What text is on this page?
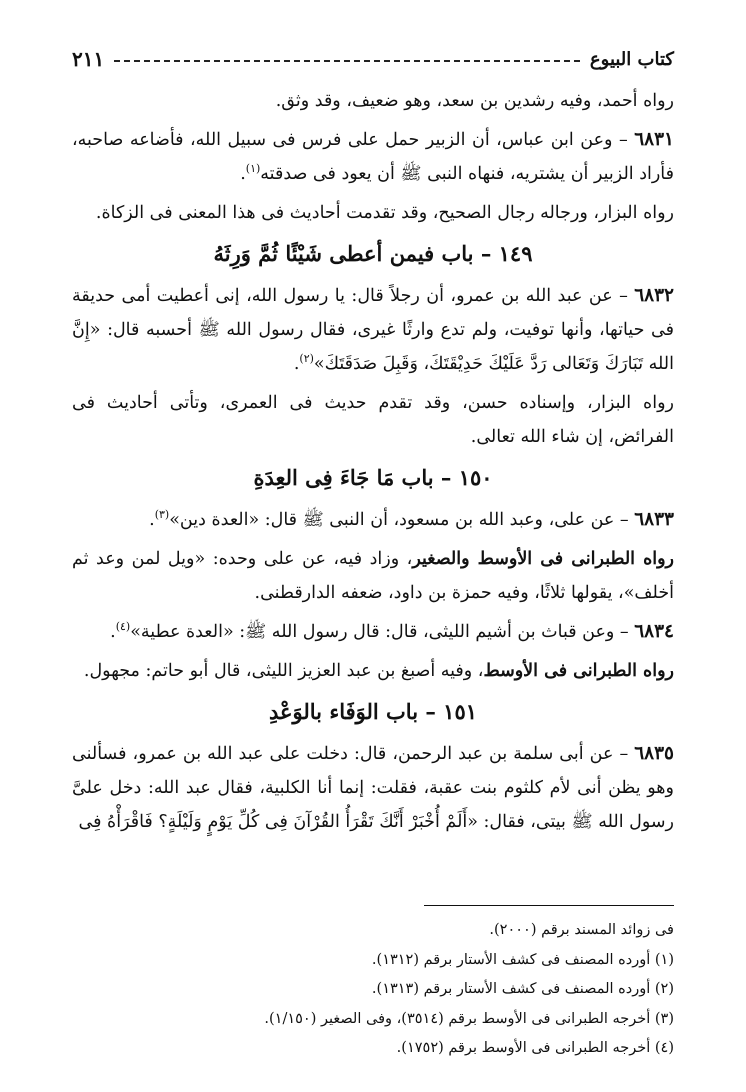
٢١١	كتاب البيوع

رواه أحمد، وفيه رشدين بن سعد، وهو ضعيف، وقد وثق.

٦٨٣١ – وعن ابن عباس، أن الزبير حمل على فرس فى سبيل الله، فأضاعه صاحبه، فأراد الزبير أن يشتريه، فنهاه النبى ﷺ أن يعود فى صدقته$^{(١)}$.

رواه البزار، ورجاله رجال الصحيح، وقد تقدمت أحاديث فى هذا المعنى فى الزكاة.

١٤٩ – باب فيمن أعطى شَيْئًا ثُمَّ وَرِثَهُ

٦٨٣٢ – عن عبد الله بن عمرو، أن رجلاً قال: يا رسول الله، إنى أعطيت أمى حديقة فى حياتها، وأنها توفيت، ولم تدع وارثًا غيرى، فقال رسول الله ﷺ أحسبه قال: «إِنَّ الله تَبَارَكَ وَتَعَالى رَدَّ عَلَيْكَ حَدِيْقَتَكَ، وَقَبِلَ صَدَقَتَكَ»$^{(٢)}$.

رواه البزار، وإسناده حسن، وقد تقدم حديث فى العمرى، وتأتى أحاديث فى الفرائض، إن شاء الله تعالى.

١٥٠ – باب مَا جَاءَ فِى العِدَةِ

٦٨٣٣ – عن على، وعبد الله بن مسعود، أن النبى ﷺ قال: «العدة دين»$^{(٣)}$.

رواه الطبرانى فى الأوسط والصغير، وزاد فيه، عن على وحده: «ويل لمن وعد ثم أخلف»، يقولها ثلاثًا، وفيه حمزة بن داود، ضعفه الدارقطنى.

٦٨٣٤ – وعن قباث بن أشيم الليثى، قال: قال رسول الله ﷺ: «العدة عطية»$^{(٤)}$.

رواه الطبرانى فى الأوسط، وفيه أصبغ بن عبد العزيز الليثى، قال أبو حاتم: مجهول.

١٥١ – باب الوَفَاء بالوَعْدِ

٦٨٣٥ – عن أبى سلمة بن عبد الرحمن، قال: دخلت على عبد الله بن عمرو، فسألنى وهو يظن أنى لأم كلثوم بنت عقبة، فقلت: إنما أنا الكلبية، فقال عبد الله: دخل علىَّ رسول الله ﷺ بيتى، فقال: «أَلَمْ أُخْبَرْ أَنَّكَ تَقْرَأُ القُرْآنَ فِى كُلِّ يَوْمٍ وَلَيْلَةٍ؟ فَاقْرَأْهُ فِى

فى زوائد المسند برقم (٢٠٠٠).
(١) أورده المصنف فى كشف الأستار برقم (١٣١٢).
(٢) أورده المصنف فى كشف الأستار برقم (١٣١٣).
(٣) أخرجه الطبرانى فى الأوسط برقم (٣٥١٤)، وفى الصغير (١/١٥٠).
(٤) أخرجه الطبرانى فى الأوسط برقم (١٧٥٢).
